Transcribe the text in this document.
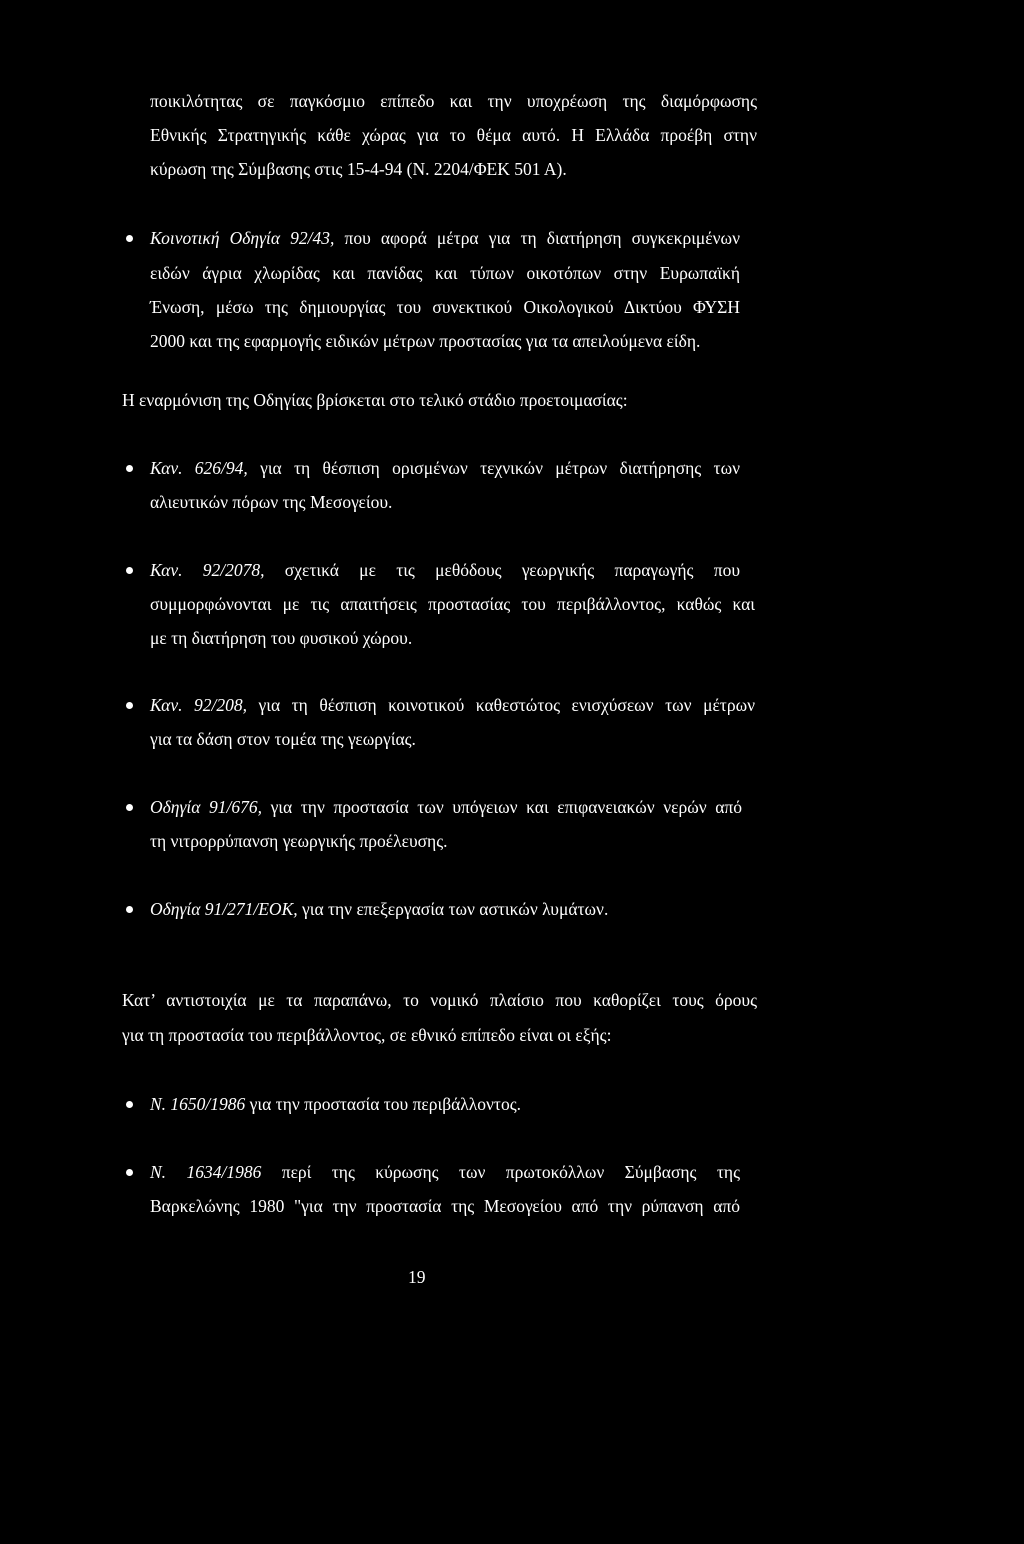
ποικιλότητας σε παγκόσμιο επίπεδο και την υποχρέωση της διαμόρφωσης
Εθνικής Στρατηγικής κάθε χώρας για το θέμα αυτό. Η Ελλάδα προέβη στην
κύρωση της Σύμβασης στις 15-4-94 (Ν. 2204/ΦΕΚ 501 Α).
Κοινοτική Οδηγία 92/43, που αφορά μέτρα για τη διατήρηση συγκεκριμένων
ειδών άγρια χλωρίδας και πανίδας και τύπων οικοτόπων στην Ευρωπαϊκή
Ένωση, μέσω της δημιουργίας του συνεκτικού Οικολογικού Δικτύου ΦΥΣΗ
2000 και της εφαρμογής ειδικών μέτρων προστασίας για τα απειλούμενα είδη.
Η εναρμόνιση της Οδηγίας βρίσκεται στο τελικό στάδιο προετοιμασίας:
Καν. 626/94, για τη θέσπιση ορισμένων τεχνικών μέτρων διατήρησης των
αλιευτικών πόρων της Μεσογείου.
Καν. 92/2078, σχετικά με τις μεθόδους γεωργικής παραγωγής που
συμμορφώνονται με τις απαιτήσεις προστασίας του περιβάλλοντος, καθώς και
με τη διατήρηση του φυσικού χώρου.
Καν. 92/208, για τη θέσπιση κοινοτικού καθεστώτος ενισχύσεων των μέτρων
για τα δάση στον τομέα της γεωργίας.
Οδηγία 91/676, για την προστασία των υπόγειων και επιφανειακών νερών από
τη νιτρορρύπανση γεωργικής προέλευσης.
Οδηγία 91/271/ΕΟΚ, για την επεξεργασία των αστικών λυμάτων.
Κατ’ αντιστοιχία με τα παραπάνω, το νομικό πλαίσιο που καθορίζει τους όρους
για τη προστασία του περιβάλλοντος, σε εθνικό επίπεδο είναι οι εξής:
Ν. 1650/1986 για την προστασία του περιβάλλοντος.
Ν. 1634/1986 περί της κύρωσης των πρωτοκόλλων Σύμβασης της
Βαρκελώνης 1980 "για την προστασία της Μεσογείου από την ρύπανση από
19
